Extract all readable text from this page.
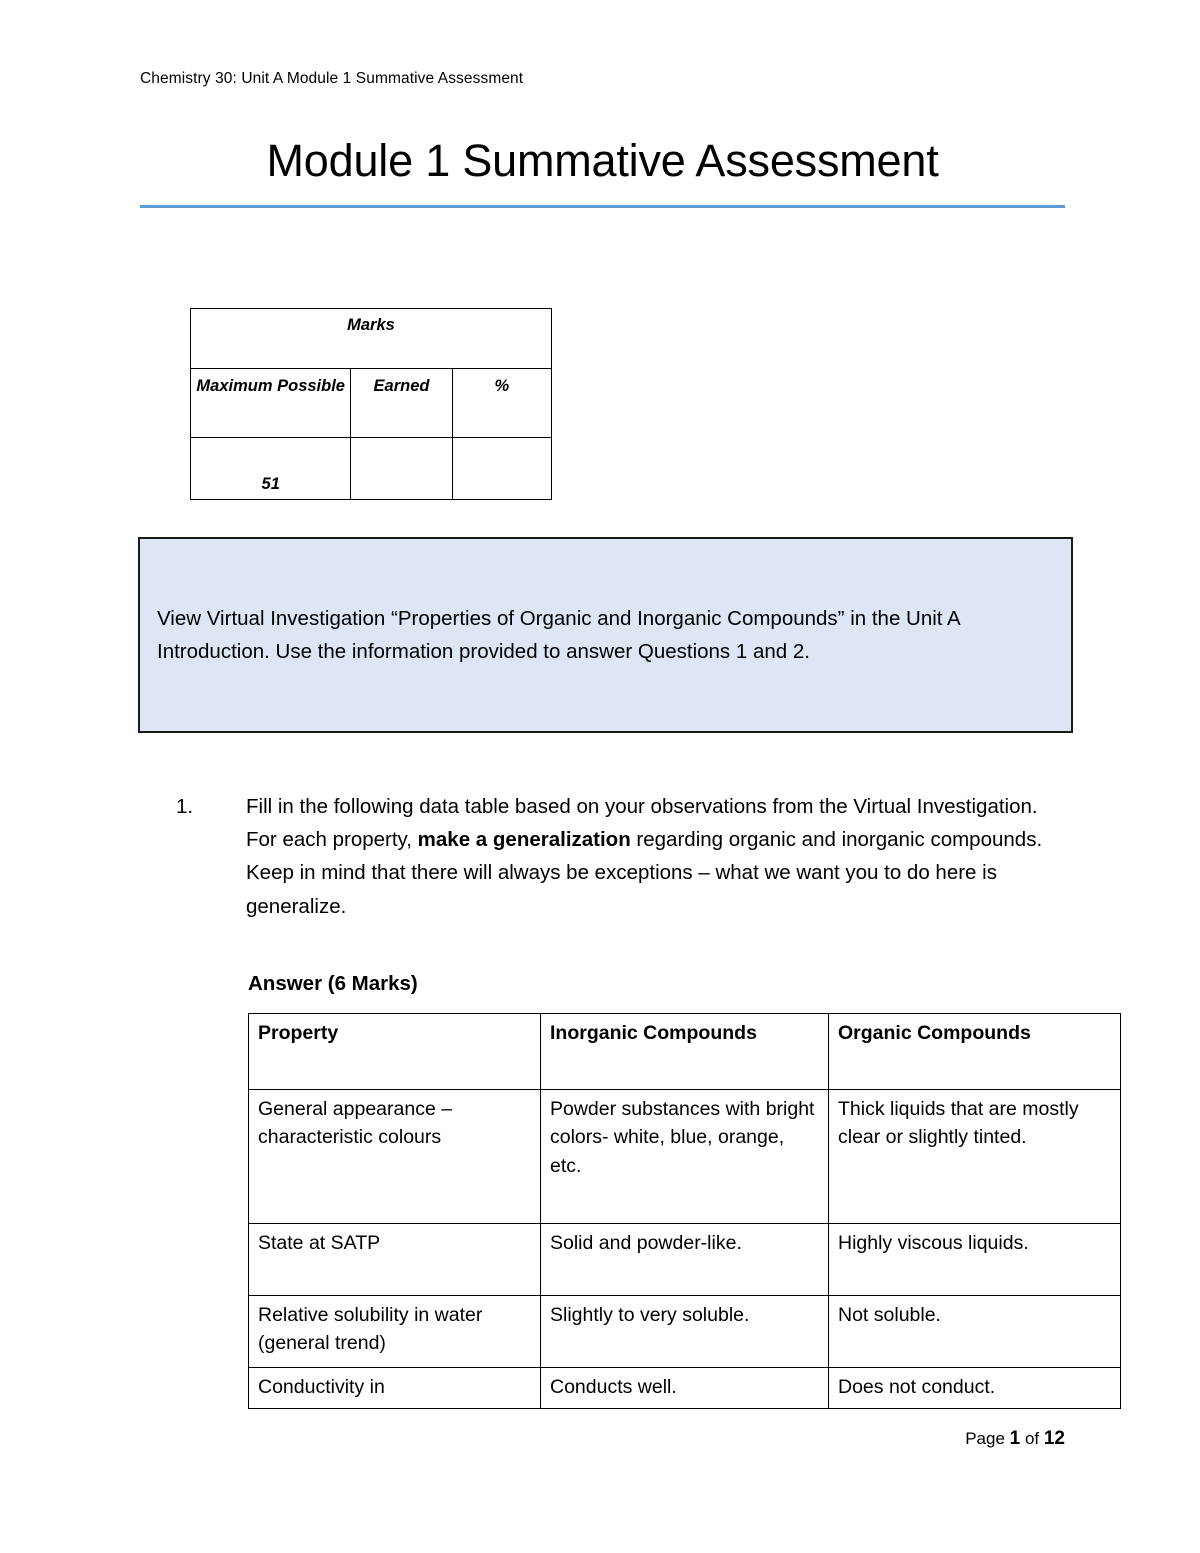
Chemistry 30: Unit A Module 1 Summative Assessment
Module 1 Summative Assessment
Marks		
Maximum Possible	Earned	%
51		
View Virtual Investigation “Properties of Organic and Inorganic Compounds” in the Unit A Introduction. Use the information provided to answer Questions 1 and 2.
1.	Fill in the following data table based on your observations from the Virtual Investigation. For each property, make a generalization regarding organic and inorganic compounds. Keep in mind that there will always be exceptions – what we want you to do here is generalize.
Answer (6 Marks)
Property	Inorganic Compounds	Organic Compounds
General appearance – characteristic colours	Powder substances with bright colors- white, blue, orange, etc.	Thick liquids that are mostly clear or slightly tinted.
State at SATP	Solid and powder-like.	Highly viscous liquids.
Relative solubility in water (general trend)	Slightly to very soluble.	Not soluble.
Conductivity in	Conducts well.	Does not conduct.
Page 1 of 12
